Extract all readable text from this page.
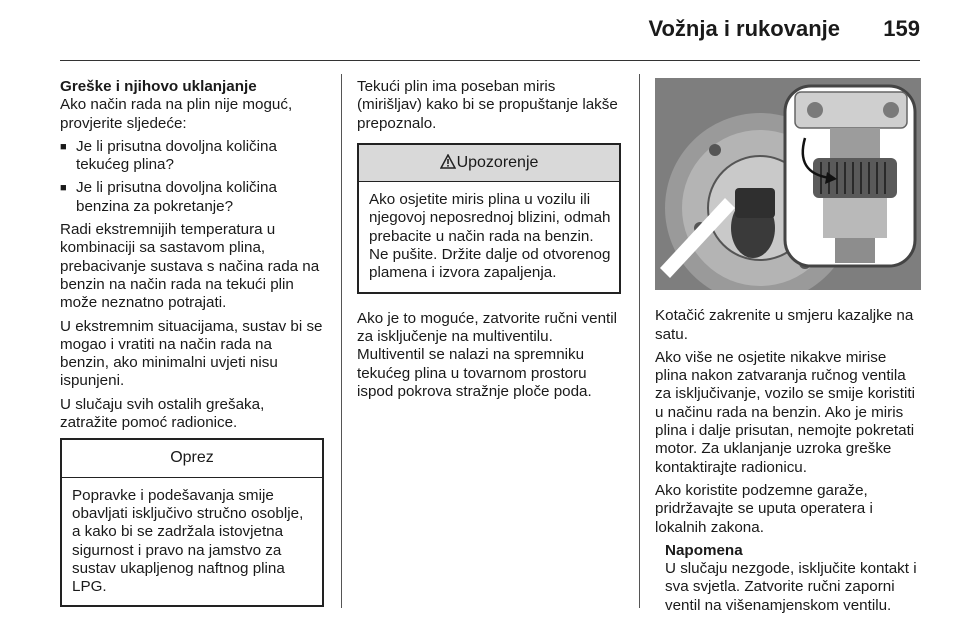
Vožnja i rukovanje 159

Greške i njihovo uklanjanje

Ako način rada na plin nije moguć, provjerite sljedeće:

■ Je li prisutna dovoljna količina tekućeg plina?
■ Je li prisutna dovoljna količina benzina za pokretanje?

Radi ekstremnijih temperatura u kombinaciji sa sastavom plina, prebacivanje sustava s načina rada na benzin na način rada na tekući plin može neznatno potrajati.

U ekstremnim situacijama, sustav bi se mogao i vratiti na način rada na benzin, ako minimalni uvjeti nisu ispunjeni.

U slučaju svih ostalih grešaka, zatražite pomoć radionice.

Oprez
Popravke i podešavanja smije obavljati isključivo stručno osoblje, a kako bi se zadržala istovjetna sigurnost i pravo na jamstvo za sustav ukapljenog naftnog plina LPG.

Tekući plin ima poseban miris (mirišljav) kako bi se propuštanje lakše prepoznalo.

Upozorenje
Ako osjetite miris plina u vozilu ili njegovoj neposrednoj blizini, odmah prebacite u način rada na benzin. Ne pušite. Držite dalje od otvorenog plamena i izvora zapaljenja.

Ako je to moguće, zatvorite ručni ventil za isključenje na multiventilu. Multiventil se nalazi na spremniku tekućeg plina u tovarnom prostoru ispod pokrova stražnje ploče poda.

Kotačić zakrenite u smjeru kazaljke na satu.

Ako više ne osjetite nikakve mirise plina nakon zatvaranja ručnog ventila za isključivanje, vozilo se smije koristiti u načinu rada na benzin. Ako je miris plina i dalje prisutan, nemojte pokretati motor. Za uklanjanje uzroka greške kontaktirajte radionicu.

Ako koristite podzemne garaže, pridržavajte se uputa operatera i lokalnih zakona.

Napomena
U slučaju nezgode, isključite kontakt i sva svjetla. Zatvorite ručni zaporni ventil na višenamjenskom ventilu.
